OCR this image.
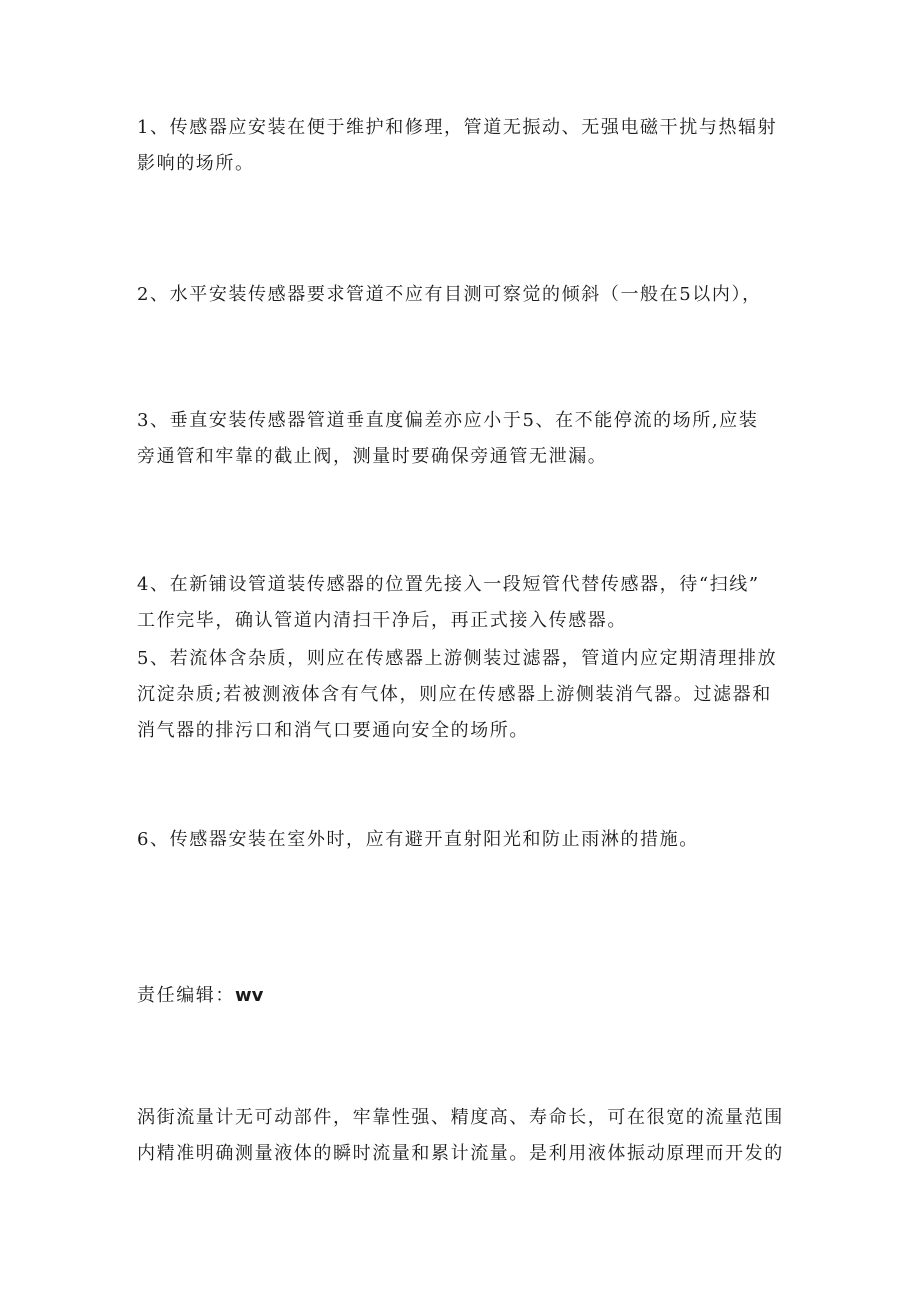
1、传感器应安装在便于维护和修理，管道无振动、无强电磁干扰与热辐射
影响的场所。

2、水平安装传感器要求管道不应有目测可察觉的倾斜（一般在5以内），

3、垂直安装传感器管道垂直度偏差亦应小于5、在不能停流的场所,应装
旁通管和牢靠的截止阀，测量时要确保旁通管无泄漏。

4、在新铺设管道装传感器的位置先接入一段短管代替传感器，待“扫线”
工作完毕，确认管道内清扫干净后，再正式接入传感器。

5、若流体含杂质，则应在传感器上游侧装过滤器，管道内应定期清理排放
沉淀杂质;若被测液体含有气体，则应在传感器上游侧装消气器。过滤器和
消气器的排污口和消气口要通向安全的场所。

6、传感器安装在室外时，应有避开直射阳光和防止雨淋的措施。

责任编辑：wv

涡街流量计无可动部件，牢靠性强、精度高、寿命长，可在很宽的流量范围
内精准明确测量液体的瞬时流量和累计流量。是利用液体振动原理而开发的
